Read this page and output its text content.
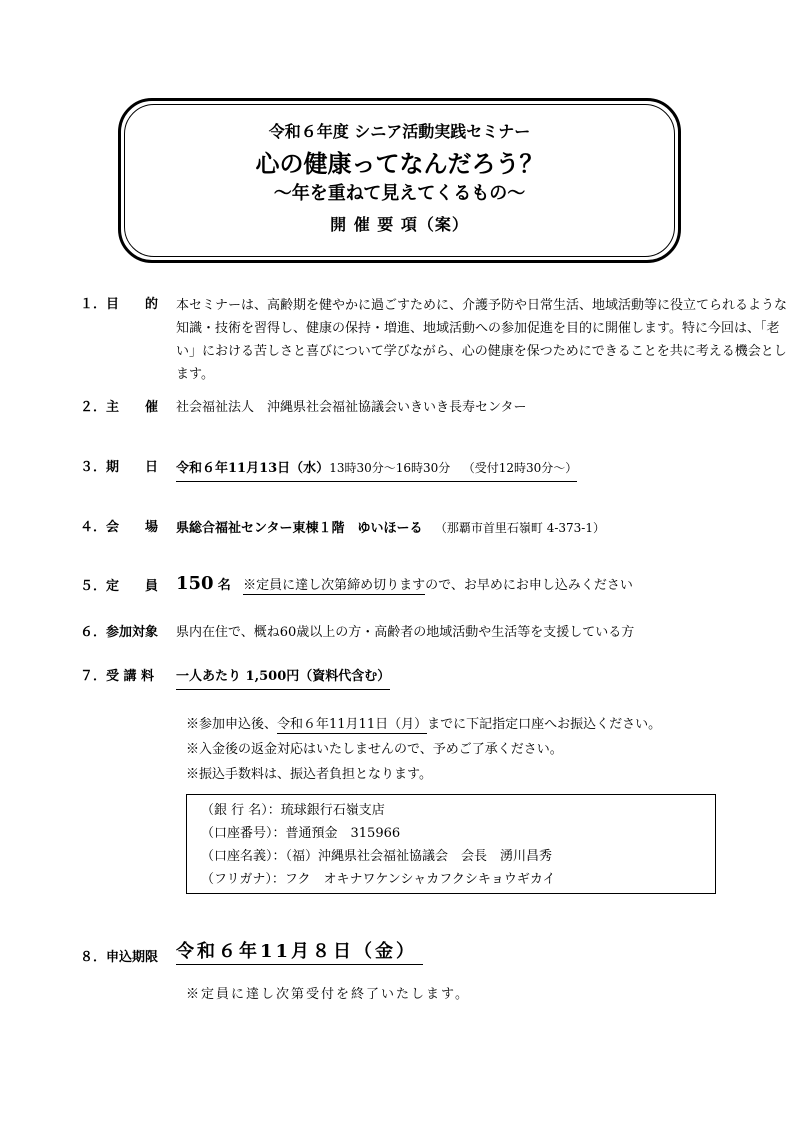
令和６年度 シニア活動実践セミナー
心の健康ってなんだろう？
～年を重ねて見えてくるもの～
開 催 要 項（案）
１．目　　的	本セミナーは、高齢期を健やかに過ごすために、介護予防や日常生活、地域活動等に役立てられるような知識・技術を習得し、健康の保持・増進、地域活動への参加促進を目的に開催します。特に今回は、「老い」における苦しさと喜びについて学びながら、心の健康を保つためにできることを共に考える機会とします。
２．主　　催	社会福祉法人　沖縄県社会福祉協議会いきいき長寿センター
３．期　　日	令和６年11月13日（水）13時30分～16時30分 （受付12時30分～）
４．会　　場	県総合福祉センター東棟１階　ゆいほーる （那覇市首里石嶺町 4-373-1）
５．定　　員 150 名 ※定員に達し次第締め切りますので、お早めにお申し込みください
６．参加対象	県内在住で、概ね60歳以上の方・高齢者の地域活動や生活等を支援している方
７．受 講 料	一人あたり 1,500円（資料代含む）
※参加申込後、令和６年11月11日（月）までに下記指定口座へお振込ください。
※入金後の返金対応はいたしませんので、予めご了承ください。
※振込手数料は、振込者負担となります。
（銀 行 名）：琉球銀行石嶺支店
（口座番号）：普通預金　315966
（口座名義）：（福）沖縄県社会福祉協議会　会長　湧川昌秀
（フリガナ）：フク　オキナワケンシャカフクシキョウギカイ
８．申込期限 令和６年11月８日（金）
※定員に達し次第受付を終了いたします。
